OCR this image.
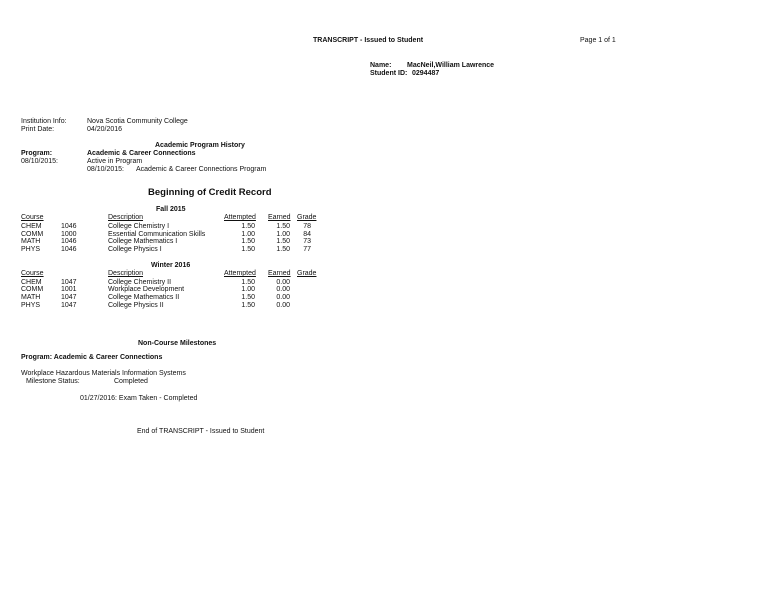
TRANSCRIPT - Issued to Student	Page 1 of 1
Name: MacNeil,William Lawrence
Student ID: 0294487
Institution Info:	Nova Scotia Community College
Print Date:	04/20/2016
Academic Program History
Program:	Academic & Career Connections
08/10/2015:	Active in Program
08/10/2015: Academic & Career Connections Program
Beginning of Credit Record
Fall 2015
Course	Description	Attempted Earned Grade
CHEM	1046	College Chemistry I	1.50	1.50	78
COMM	1000	Essential Communication Skills	1.00	1.00	84
MATH	1046	College Mathematics I	1.50	1.50	73
PHYS	1046	College Physics I	1.50	1.50	77
Winter 2016
Course	Description	Attempted Earned Grade
CHEM	1047	College Chemistry II	1.50	0.00
COMM	1001	Workplace Development	1.00	0.00
MATH	1047	College Mathematics II	1.50	0.00
PHYS	1047	College Physics II	1.50	0.00
Non-Course Milestones
Program: Academic & Career Connections
Workplace Hazardous Materials Information Systems
Milestone Status:	Completed
01/27/2016: Exam Taken - Completed
End of TRANSCRIPT - Issued to Student
